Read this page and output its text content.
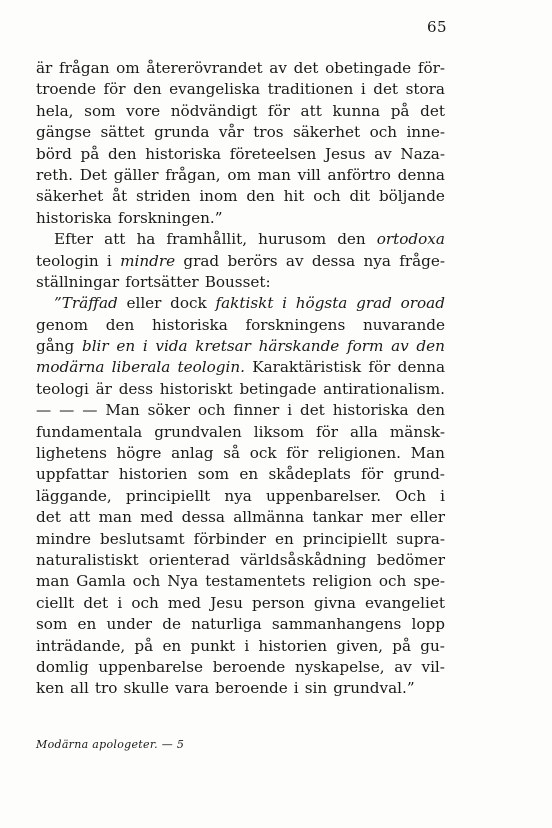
65
är frågan om återerövrandet av det obetingade för-
troende för den evangeliska traditionen i det stora
hela, som vore nödvändigt för att kunna på det
gängse sättet grunda vår tros säkerhet och inne-
börd på den historiska företeelsen Jesus av Naza-
reth. Det gäller frågan, om man vill anförtro denna
säkerhet åt striden inom den hit och dit böljande
historiska forskningen.”
Efter att ha framhållit, hurusom den ortodoxa
teologin i mindre grad berörs av dessa nya fråge-
ställningar fortsätter Bousset:
”Träffad eller dock faktiskt i högsta grad oroad
genom den historiska forskningens nuvarande
gång blir en i vida kretsar härskande form av den
modärna liberala teologin. Karaktäristisk för denna
teologi är dess historiskt betingade antirationalism.
— — — Man söker och finner i det historiska den
fundamentala grundvalen liksom för alla mänsk-
lighetens högre anlag så ock för religionen. Man
uppfattar historien som en skådeplats för grund-
läggande, principiellt nya uppenbarelser. Och i
det att man med dessa allmänna tankar mer eller
mindre beslutsamt förbinder en principiellt supra-
naturalistiskt orienterad världsåskådning bedömer
man Gamla och Nya testamentets religion och spe-
ciellt det i och med Jesu person givna evangeliet
som en under de naturliga sammanhangens lopp
inträdande, på en punkt i historien given, på gu-
domlig uppenbarelse beroende nyskapelse, av vil-
ken all tro skulle vara beroende i sin grundval.”
Modärna apologeter. — 5
